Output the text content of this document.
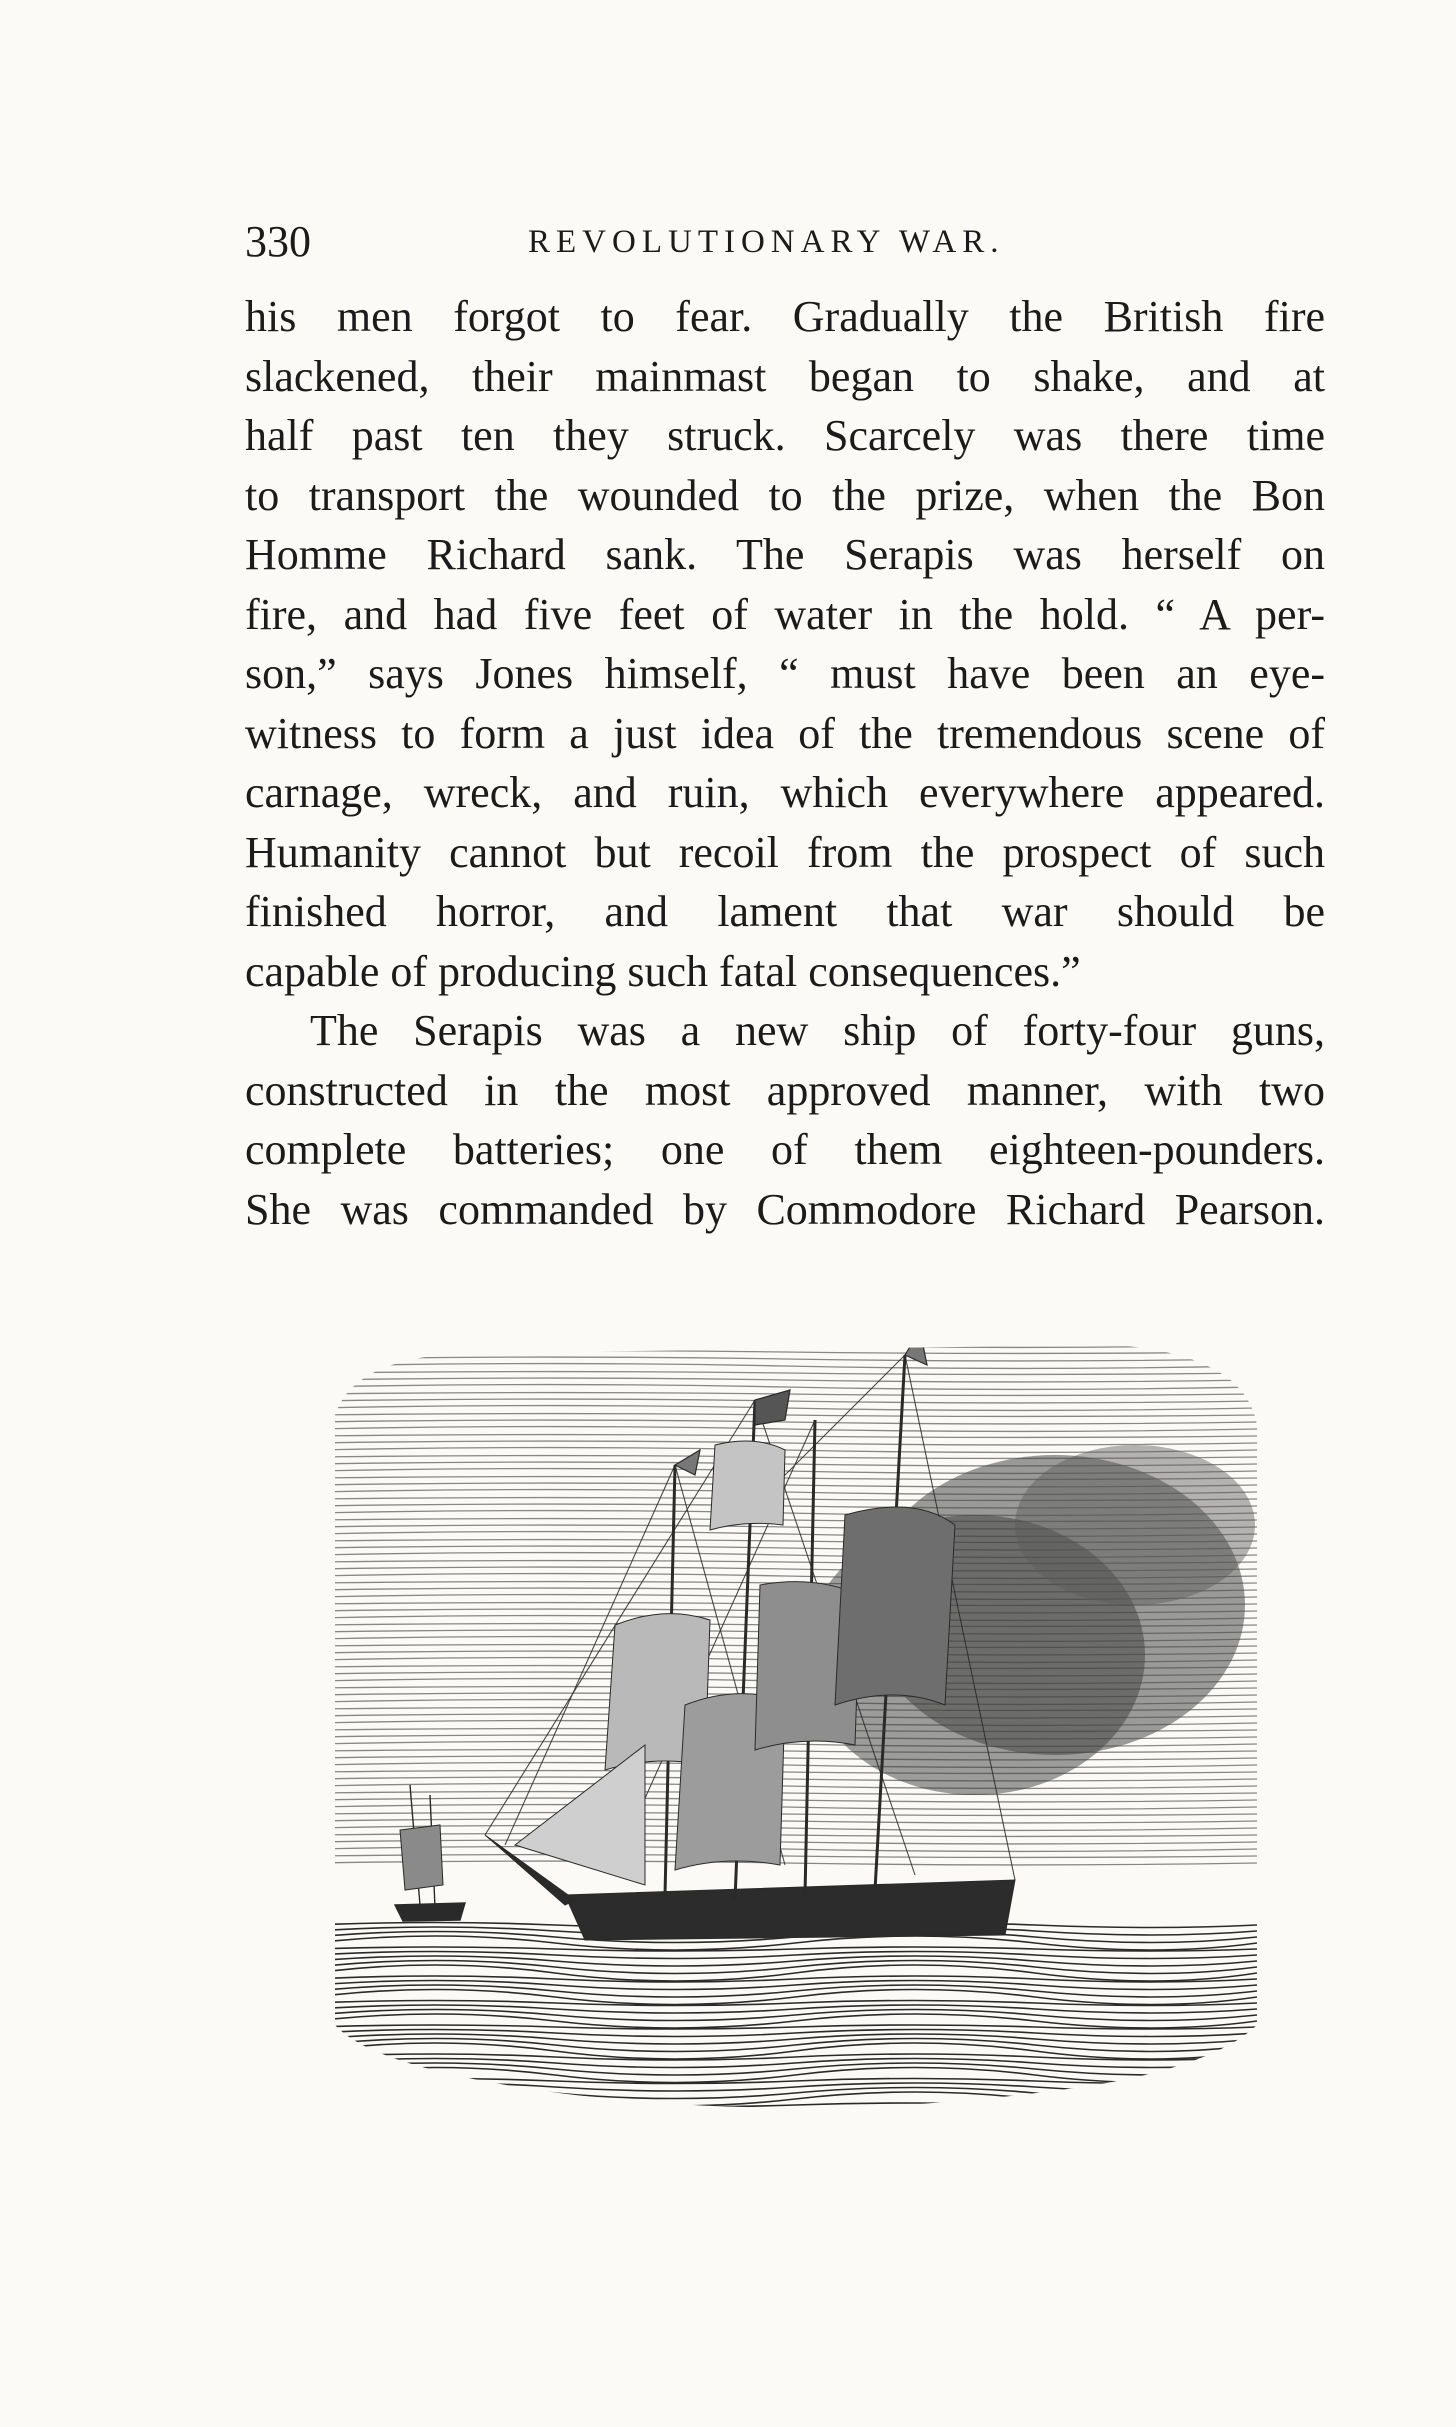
330	REVOLUTIONARY WAR.
his men forgot to fear. Gradually the British fire
slackened, their mainmast began to shake, and at
half past ten they struck. Scarcely was there time
to transport the wounded to the prize, when the Bon
Homme Richard sank. The Serapis was herself on
fire, and had five feet of water in the hold. “ A per-
son,” says Jones himself, “ must have been an eye-
witness to form a just idea of the tremendous scene of
carnage, wreck, and ruin, which everywhere appeared.
Humanity cannot but recoil from the prospect of such
finished horror, and lament that war should be
capable of producing such fatal consequences.”
The Serapis was a new ship of forty-four guns,
constructed in the most approved manner, with two
complete batteries; one of them eighteen-pounders.
She was commanded by Commodore Richard Pearson.
